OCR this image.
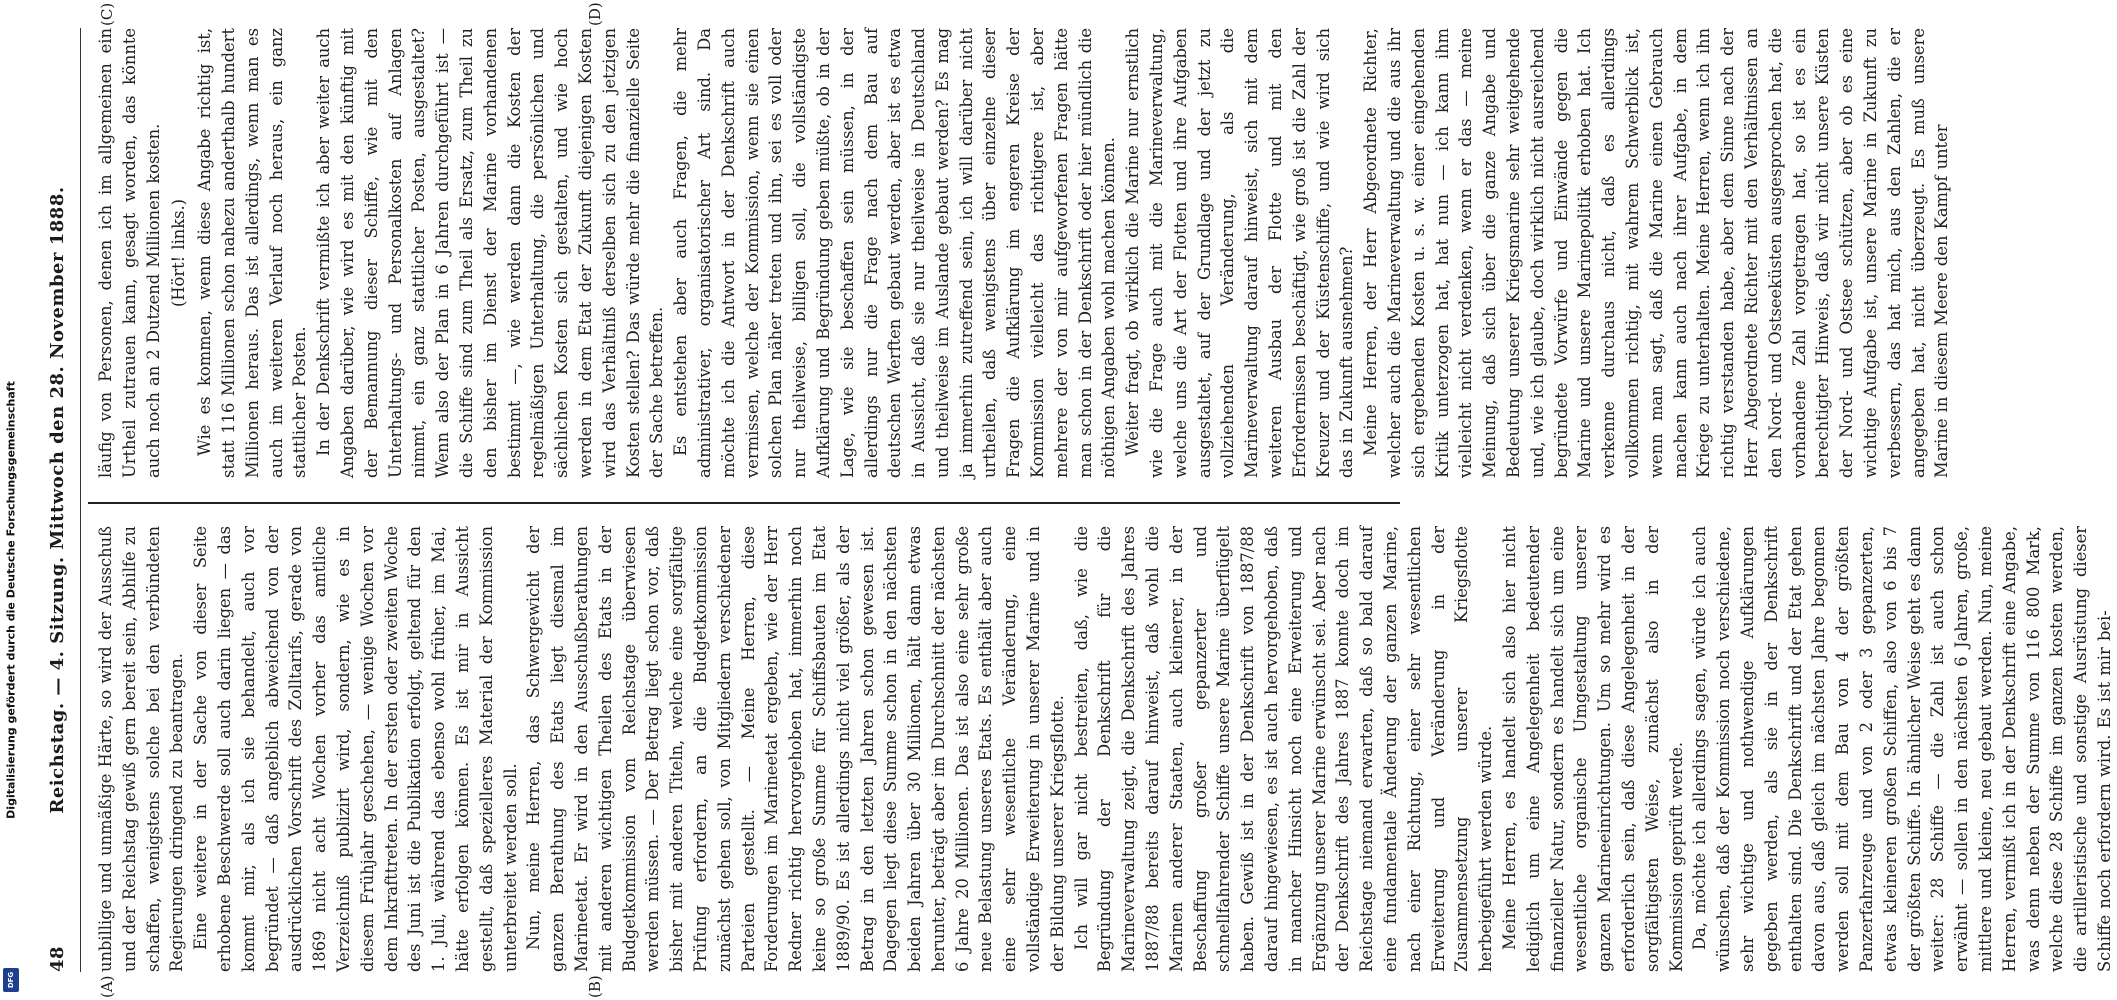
Digitalisierung gefördert durch die Deutsche Forschungsgemeinschaft
DFG
48
Reichstag. — 4. Sitzung. Mittwoch den 28. November 1888.
(A)	(B)
(C)	(D)

unbillige und unmäßige Härte, so wird der Ausschuß und der Reichstag gewiß gern bereit sein, Abhilfe zu schaffen, wenigstens solche bei den verbündeten Regierungen dringend zu beantragen. Eine weitere in der Sache von dieser Seite erhobene Beschwerde soll auch darin liegen — das kommt mir, als ich sie behandelt, auch vor begründet — daß angeblich abweichend von der ausdrücklichen Vorschrift des Zolltarifs, gerade von 1869 nicht acht Wochen vorher das amtliche Verzeichniß publizirt wird, sondern, wie es in diesem Frühjahr geschehen, — wenige Wochen vor dem Inkrafttreten. In der ersten oder zweiten Woche des Juni ist die Publikation erfolgt, geltend für den 1. Juli, während das ebenso wohl früher, im Mai, hätte erfolgen können. Es ist mir in Aussicht gestellt, daß spezielleres Material der Kommission unterbreitet werden soll. Nun, meine Herren, das Schwergewicht der ganzen Berathung des Etats liegt diesmal im Marineetat. Er wird in den Ausschußberathungen mit anderen wichtigen Theilen des Etats in der Budgetkommission vom Reichstage überwiesen werden müssen. — Der Betrag liegt schon vor, daß bisher mit anderen Titeln, welche eine sorgfältige Prüfung erfordern, an die Budgetkommission zunächst gehen soll, von Mitgliedern verschiedener Parteien gestellt. — Meine Herren, diese Forderungen im Marineetat ergeben, wie der Herr Redner richtig hervorgehoben hat, immerhin noch keine so große Summe für Schiffsbauten im Etat 1889/90. Es ist allerdings nicht viel größer, als der Betrag in den letzten Jahren schon gewesen ist. Dagegen liegt diese Summe schon in den nächsten beiden Jahren über 30 Millionen, hält dann etwas herunter, beträgt aber im Durchschnitt der nächsten 6 Jahre 20 Millionen. Das ist also eine sehr große neue Belastung unseres Etats. Es enthält aber auch eine sehr wesentliche Veränderung, eine vollständige Erweiterung in unserer Marine und in der Bildung unserer Kriegsflotte. Ich will gar nicht bestreiten, daß, wie die Begründung der Denkschrift für die Marineverwaltung zeigt, die Denkschrift des Jahres 1887/88 bereits darauf hinweist, daß wohl die Marinen anderer Staaten, auch kleinerer, in der Beschaffung großer gepanzerter und schnellfahrender Schiffe unsere Marine überflügelt haben. Gewiß ist in der Denkschrift von 1887/88 darauf hingewiesen, es ist auch hervorgehoben, daß in mancher Hinsicht noch eine Erweiterung und Ergänzung unserer Marine erwünscht sei. Aber nach der Denkschrift des Jahres 1887 konnte doch im Reichstage niemand erwarten, daß so bald darauf eine fundamentale Änderung der ganzen Marine, nach einer Richtung, einer sehr wesentlichen Erweiterung und Veränderung in der Zusammensetzung unserer Kriegsflotte herbeigeführt werden würde. Meine Herren, es handelt sich also hier nicht lediglich um eine Angelegenheit bedeutender finanzieller Natur, sondern es handelt sich um eine wesentliche organische Umgestaltung unserer ganzen Marineeinrichtungen. Um so mehr wird es erforderlich sein, daß diese Angelegenheit in der sorgfältigsten Weise, zunächst also in der Kommission geprüft werde. Da, möchte ich allerdings sagen, würde ich auch wünschen, daß der Kommission noch verschiedene, sehr wichtige und nothwendige Aufklärungen gegeben werden, als sie in der Denkschrift enthalten sind. Die Denkschrift und der Etat gehen davon aus, daß gleich im nächsten Jahre begonnen werden soll mit dem Bau von 4 der größten Panzerfahrzeuge und von 2 oder 3 gepanzerten, etwas kleineren großen Schiffen, also von 6 bis 7 der größten Schiffe. In ähnlicher Weise geht es dann weiter: 28 Schiffe — die Zahl ist auch schon erwähnt — sollen in den nächsten 6 Jahren, große, mittlere und kleine, neu gebaut werden. Nun, meine Herren, vermißt ich in der Denkschrift eine Angabe, was denn neben der Summe von 116 800 Mark, welche diese 28 Schiffe im ganzen kosten werden, die artilleristische und sonstige Ausrüstung dieser Schiffe noch erfordern wird. Es ist mir bei-

läufig von Personen, denen ich im allgemeinen ein Urtheil zutrauen kann, gesagt worden, das könnte auch noch an 2 Dutzend Millionen kosten. (Hört! links.) Wie es kommen, wenn diese Angabe richtig ist, statt 116 Millionen schon nahezu anderthalb hundert Millionen heraus. Das ist allerdings, wenn man es auch im weiteren Verlauf noch heraus, ein ganz stattlicher Posten. In der Denkschrift vermißte ich aber weiter auch Angaben darüber, wie wird es mit den künftig mit der Bemannung dieser Schiffe, wie mit den Unterhaltungs- und Personalkosten auf Anlagen nimmt, ein ganz stattlicher Posten, ausgestaltet? Wenn also der Plan in 6 Jahren durchgeführt ist — die Schiffe sind zum Theil als Ersatz, zum Theil zu den bisher im Dienst der Marine vorhandenen bestimmt —, wie werden dann die Kosten der regelmäßigen Unterhaltung, die persönlichen und sächlichen Kosten sich gestalten, und wie hoch werden in dem Etat der Zukunft diejenigen Kosten wird das Verhältniß derselben sich zu den jetzigen Kosten stellen? Das würde mehr die finanzielle Seite der Sache betreffen. Es entstehen aber auch Fragen, die mehr administrativer, organisatorischer Art sind. Da möchte ich die Antwort in der Denkschrift auch vermissen, welche der Kommission, wenn sie einen solchen Plan näher treten und ihn, sei es voll oder nur theilweise, billigen soll, die vollständigste Aufklärung und Begründung geben müßte, ob in der Lage, wie sie beschaffen sein müssen, in der allerdings nur die Frage nach dem Bau auf deutschen Werften gebaut werden, aber ist es etwa in Aussicht, daß sie nur theilweise in Deutschland und theilweise im Auslande gebaut werden? Es mag ja immerhin zutreffend sein, ich will darüber nicht urtheilen, daß wenigstens über einzelne dieser Fragen die Aufklärung im engeren Kreise der Kommission vielleicht das richtigere ist, aber mehrere der von mir aufgeworfenen Fragen hätte man schon in der Denkschrift oder hier mündlich die nöthigen Angaben wohl machen können. Weiter fragt, ob wirklich die Marine nur ernstlich wie die Frage auch mit die Marineverwaltung, welche uns die Art der Flotten und ihre Aufgaben ausgestaltet, auf der Grundlage und der jetzt zu vollziehenden Veränderung, als die Marineverwaltung darauf hinweist, sich mit dem weiteren Ausbau der Flotte und mit den Erfordernissen beschäftigt, wie groß ist die Zahl der Kreuzer und der Küstenschiffe, und wie wird sich das in Zukunft ausnehmen? Meine Herren, der Herr Abgeordnete Richter, welcher auch die Marineverwaltung und die aus ihr sich ergebenden Kosten u. s. w. einer eingehenden Kritik unterzogen hat, hat nun — ich kann ihm vielleicht nicht verdenken, wenn er das — meine Meinung, daß sich über die ganze Angabe und Bedeutung unserer Kriegsmarine sehr weitgehende und, wie ich glaube, doch wirklich nicht ausreichend begründete Vorwürfe und Einwände gegen die Marine und unsere Marinepolitik erhoben hat. Ich verkenne durchaus nicht, daß es allerdings vollkommen richtig, mit wahrem Schwerblick ist, wenn man sagt, daß die Marine einen Gebrauch machen kann auch nach ihrer Aufgabe, in dem Kriege zu unterhalten. Meine Herren, wenn ich ihn richtig verstanden habe, aber dem Sinne nach der Herr Abgeordnete Richter mit den Verhältnissen an den Nord- und Ostseeküsten ausgesprochen hat, die vorhandene Zahl vorgetragen hat, so ist es ein berechtigter Hinweis, daß wir nicht unsere Küsten der Nord- und Ostsee schützen, aber ob es eine wichtige Aufgabe ist, unsere Marine in Zukunft zu verbessern, das hat mich, aus den Zahlen, die er angegeben hat, nicht überzeugt. Es muß unsere Marine in diesem Meere den Kampf unter
